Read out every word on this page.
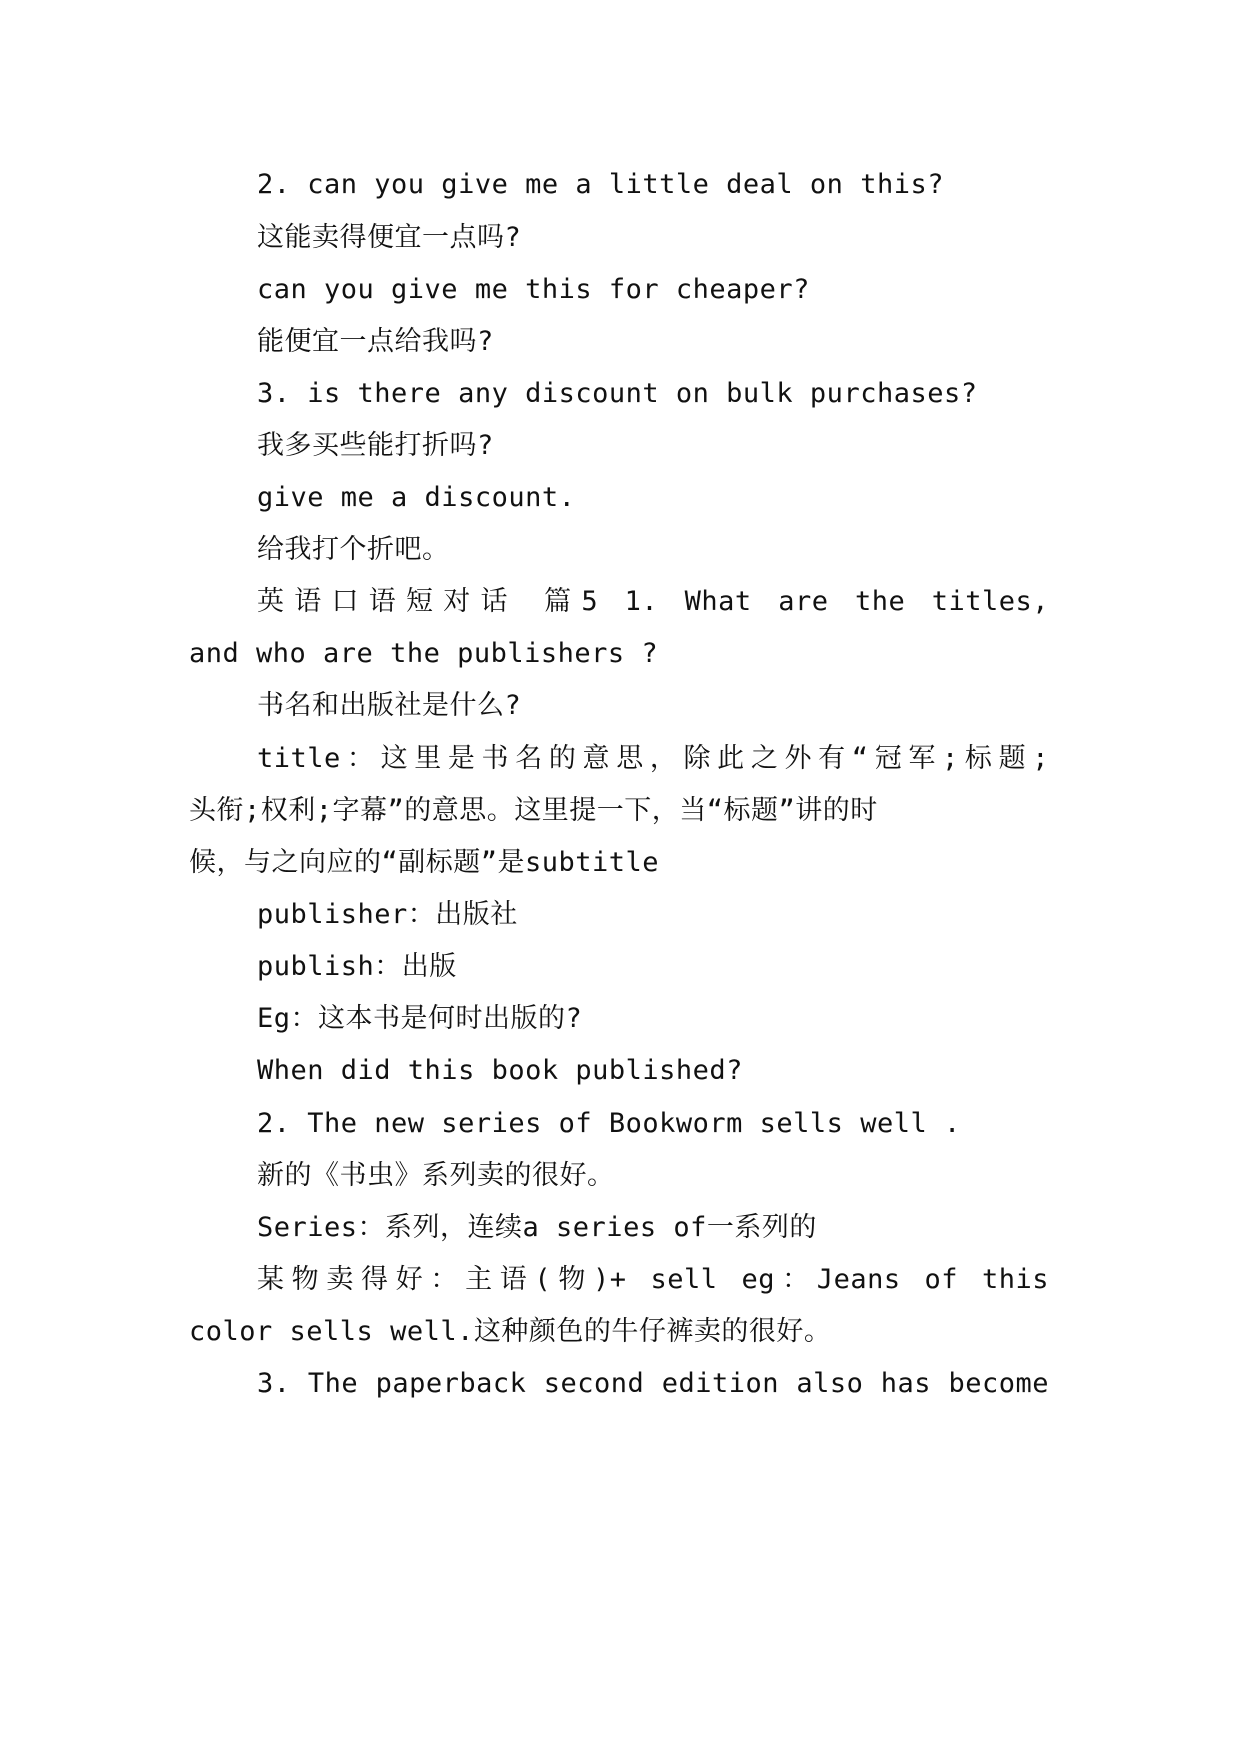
2. can you give me a little deal on this?
这能卖得便宜一点吗?
can you give me this for cheaper?
能便宜一点给我吗?
3. is there any discount on bulk purchases?
我多买些能打折吗?
give me a discount.
给我打个折吧。
英语口语短对话 篇5 1. What are the titles,
and who are the publishers ?
书名和出版社是什么?
title：这里是书名的意思，除此之外有“冠军;标题;
头衔;权利;字幕”的意思。这里提一下，当“标题”讲的时
候，与之向应的“副标题”是subtitle
publisher：出版社
publish：出版
Eg：这本书是何时出版的?
When did this book published?
2. The new series of Bookworm sells well .
新的《书虫》系列卖的很好。
Series：系列，连续a series of一系列的
某物卖得好：主语(物)+ sell eg：Jeans of this
color sells well.这种颜色的牛仔裤卖的很好。
3. The paperback second edition also has become
